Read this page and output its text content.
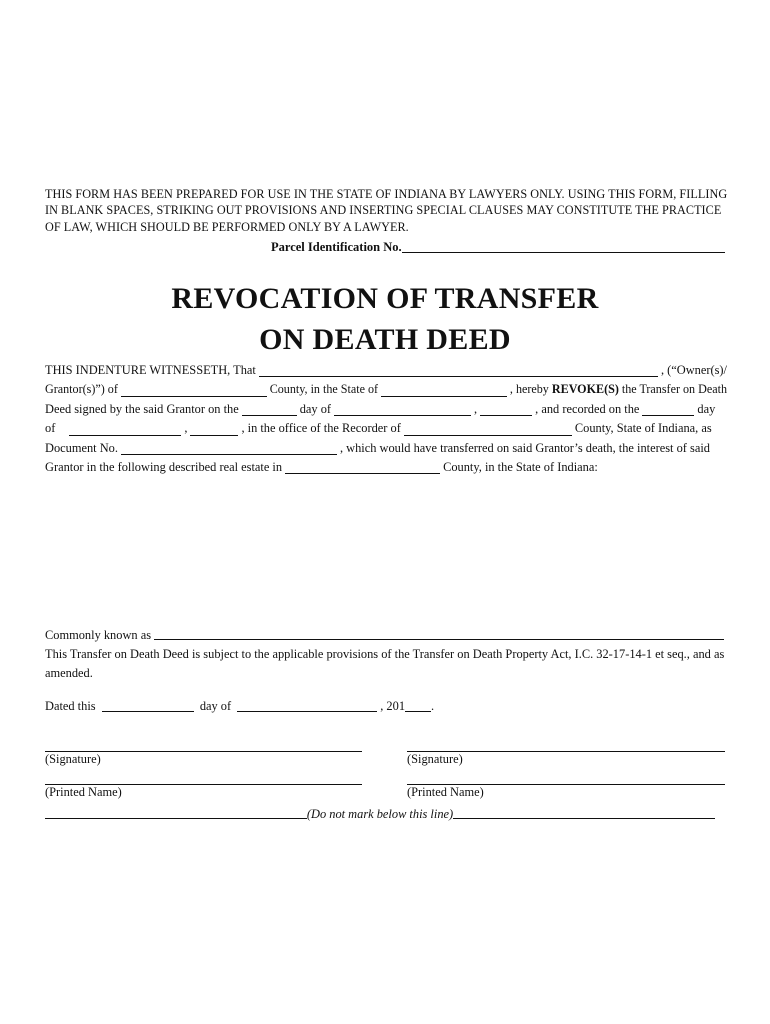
THIS FORM HAS BEEN PREPARED FOR USE IN THE STATE OF INDIANA BY LAWYERS ONLY. USING THIS FORM, FILLING IN BLANK SPACES, STRIKING OUT PROVISIONS AND INSERTING SPECIAL CLAUSES MAY CONSTITUTE THE PRACTICE OF LAW, WHICH SHOULD BE PERFORMED ONLY BY A LAWYER.
Parcel Identification No.
REVOCATION OF TRANSFER
ON DEATH DEED
THIS INDENTURE WITNESSETH, That	, (“Owner(s)/
Grantor(s)”) of	County, in the State of	, hereby REVOKE(S) the Transfer on Death
Deed signed by the said Grantor on the	day of	,	, and recorded on the	day
of	,	, in the office of the Recorder of	County, State of Indiana, as
Document No.	, which would have transferred on said Grantor’s death, the interest of said
Grantor in the following described real estate in	County, in the State of Indiana:
Commonly known as
This Transfer on Death Deed is subject to the applicable provisions of the Transfer on Death Property Act, I.C. 32-17-14-1 et seq., and as amended.
Dated this	day of	, 201 .
(Signature)	(Signature)
(Printed Name)	(Printed Name)
(Do not mark below this line)
